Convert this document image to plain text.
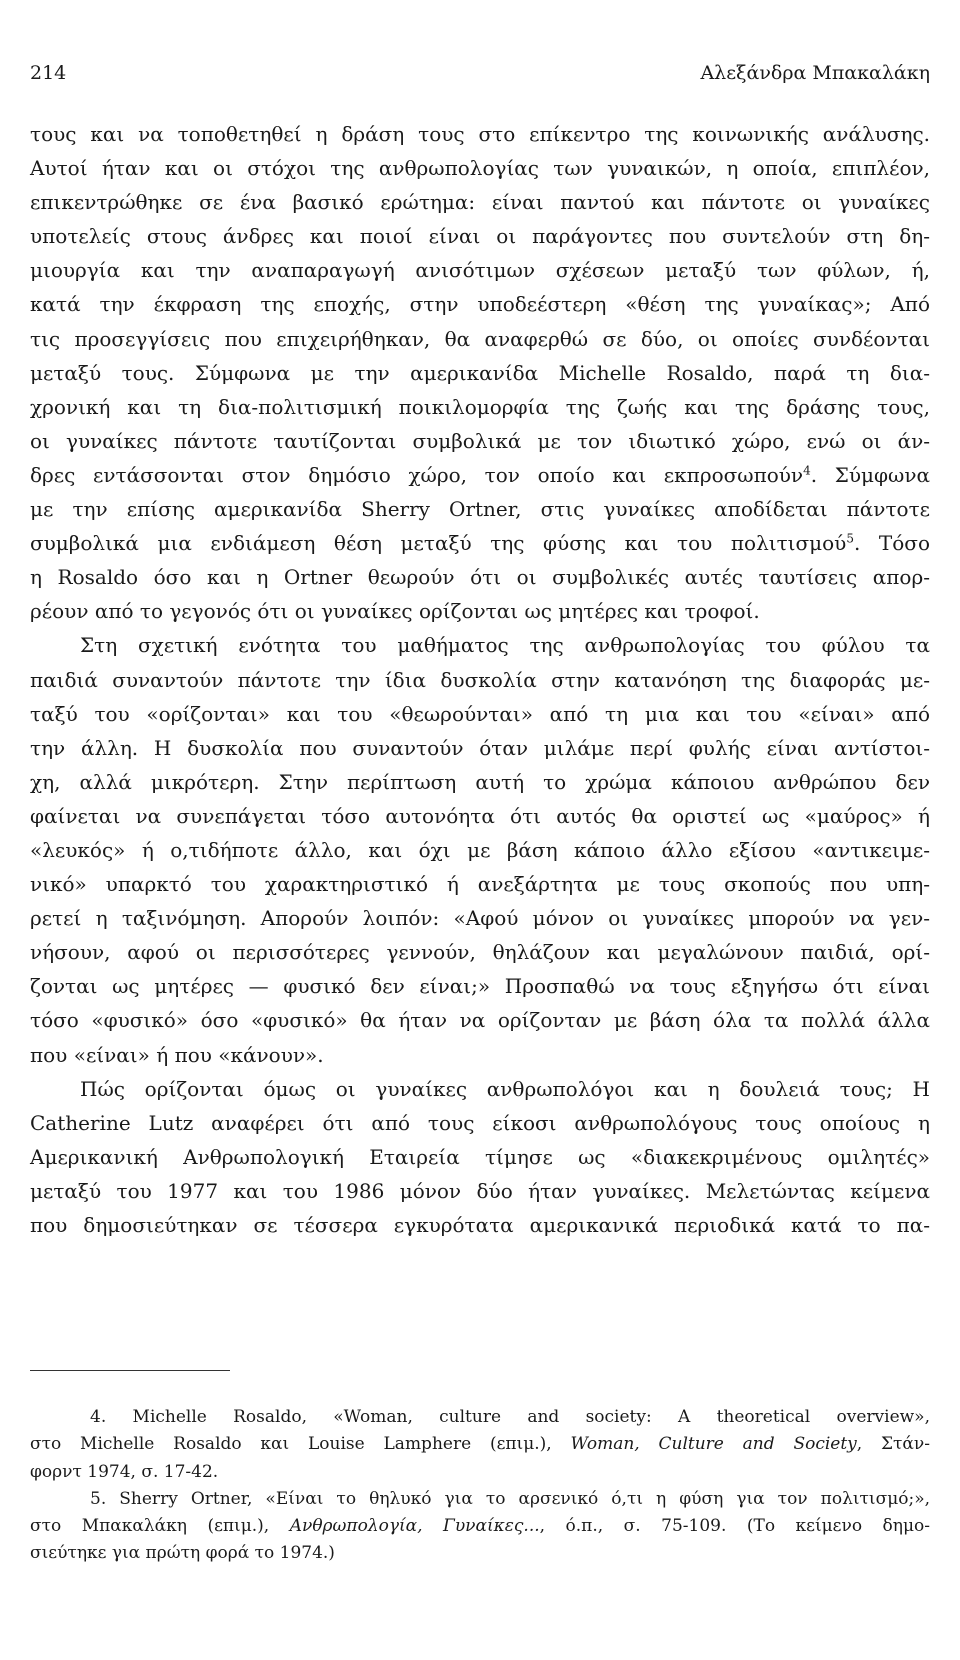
214	Αλεξάνδρα Μπακαλάκη

τους και να τοποθετηθεί η δράση τους στο επίκεντρο της κοινωνικής ανάλυσης.

Αυτοί ήταν και οι στόχοι της ανθρωπολογίας των γυναικών, η οποία, επιπλέον,

επικεντρώθηκε σε ένα βασικό ερώτημα: είναι παντού και πάντοτε οι γυναίκες

υποτελείς στους άνδρες και ποιοί είναι οι παράγοντες που συντελούν στη δη-

μιουργία και την αναπαραγωγή ανισότιμων σχέσεων μεταξύ των φύλων, ή,

κατά την έκφραση της εποχής, στην υποδεέστερη «θέση της γυναίκας»; Από

τις προσεγγίσεις που επιχειρήθηκαν, θα αναφερθώ σε δύο, οι οποίες συνδέονται

μεταξύ τους. Σύμφωνα με την αμερικανίδα Michelle Rosaldo, παρά τη δια-

χρονική και τη δια-πολιτισμική ποικιλομορφία της ζωής και της δράσης τους,

οι γυναίκες πάντοτε ταυτίζονται συμβολικά με τον ιδιωτικό χώρο, ενώ οι άν-

δρες εντάσσονται στον δημόσιο χώρο, τον οποίο και εκπροσωπούν$^4$. Σύμφωνα

με την επίσης αμερικανίδα Sherry Ortner, στις γυναίκες αποδίδεται πάντοτε

συμβολικά μια ενδιάμεση θέση μεταξύ της φύσης και του πολιτισμού$^5$. Τόσο

η Rosaldo όσο και η Ortner θεωρούν ότι οι συμβολικές αυτές ταυτίσεις απορ-

ρέουν από το γεγονός ότι οι γυναίκες ορίζονται ως μητέρες και τροφοί.

Στη σχετική ενότητα του μαθήματος της ανθρωπολογίας του φύλου τα

παιδιά συναντούν πάντοτε την ίδια δυσκολία στην κατανόηση της διαφοράς με-

ταξύ του «ορίζονται» και του «θεωρούνται» από τη μια και του «είναι» από

την άλλη. Η δυσκολία που συναντούν όταν μιλάμε περί φυλής είναι αντίστοι-

χη, αλλά μικρότερη. Στην περίπτωση αυτή το χρώμα κάποιου ανθρώπου δεν

φαίνεται να συνεπάγεται τόσο αυτονόητα ότι αυτός θα οριστεί ως «μαύρος» ή

«λευκός» ή ο,τιδήποτε άλλο, και όχι με βάση κάποιο άλλο εξίσου «αντικειμε-

νικό» υπαρκτό του χαρακτηριστικό ή ανεξάρτητα με τους σκοπούς που υπη-

ρετεί η ταξινόμηση. Απορούν λοιπόν: «Αφού μόνον οι γυναίκες μπορούν να γεν-

νήσουν, αφού οι περισσότερες γεννούν, θηλάζουν και μεγαλώνουν παιδιά, ορί-

ζονται ως μητέρες — φυσικό δεν είναι;» Προσπαθώ να τους εξηγήσω ότι είναι

τόσο «φυσικό» όσο «φυσικό» θα ήταν να ορίζονταν με βάση όλα τα πολλά άλλα

που «είναι» ή που «κάνουν».

Πώς ορίζονται όμως οι γυναίκες ανθρωπολόγοι και η δουλειά τους; Η

Catherine Lutz αναφέρει ότι από τους είκοσι ανθρωπολόγους τους οποίους η

Αμερικανική Ανθρωπολογική Εταιρεία τίμησε ως «διακεκριμένους ομιλητές»

μεταξύ του 1977 και του 1986 μόνον δύο ήταν γυναίκες. Μελετώντας κείμενα

που δημοσιεύτηκαν σε τέσσερα εγκυρότατα αμερικανικά περιοδικά κατά το πα-

4. Michelle Rosaldo, «Woman, culture and society: A theoretical overview»,

στο Michelle Rosaldo και Louise Lamphere (επιμ.), Woman, Culture and Society, Στάν-

φορντ 1974, σ. 17-42.

5. Sherry Ortner, «Είναι το θηλυκό για το αρσενικό ό,τι η φύση για τον πολιτισμό;»,

στο Μπακαλάκη (επιμ.), Ανθρωπολογία, Γυναίκες..., ό.π., σ. 75-109. (Το κείμενο δημο-

σιεύτηκε για πρώτη φορά το 1974.)
